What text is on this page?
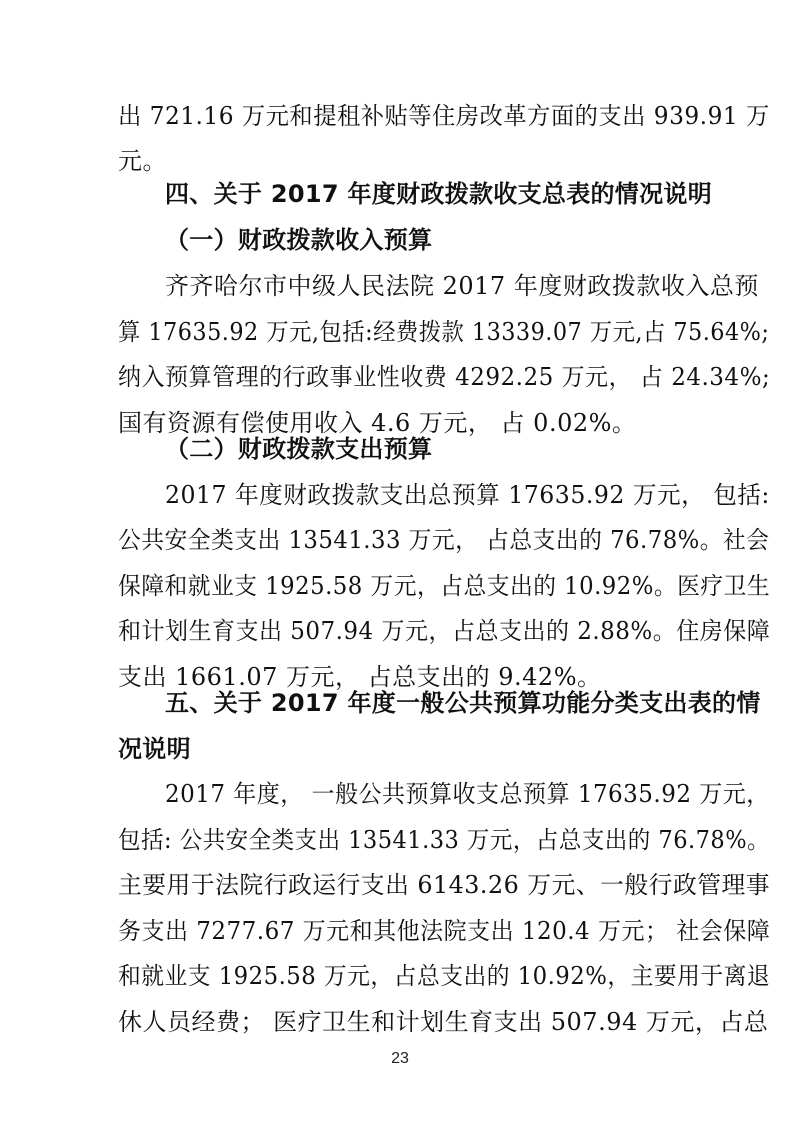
出 721.16 万元和提租补贴等住房改革方面的支出 939.91 万
元。
四、关于 2017 年度财政拨款收支总表的情况说明
（一）财政拨款收入预算
齐齐哈尔市中级人民法院 2017 年度财政拨款收入总预
算 17635.92 万元,包括:经费拨款 13339.07 万元,占 75.64%;
纳入预算管理的行政事业性收费 4292.25 万元， 占 24.34%;
国有资源有偿使用收入 4.6 万元， 占 0.02%。
（二）财政拨款支出预算
2017 年度财政拨款支出总预算 17635.92 万元， 包括:
公共安全类支出 13541.33 万元， 占总支出的 76.78%。社会
保障和就业支 1925.58 万元，占总支出的 10.92%。医疗卫生
和计划生育支出 507.94 万元，占总支出的 2.88%。住房保障
支出 1661.07 万元， 占总支出的 9.42%。
五、关于 2017 年度一般公共预算功能分类支出表的情
况说明
2017 年度， 一般公共预算收支总预算 17635.92 万元，
包括: 公共安全类支出 13541.33 万元，占总支出的 76.78%。
主要用于法院行政运行支出 6143.26 万元、一般行政管理事
务支出 7277.67 万元和其他法院支出 120.4 万元； 社会保障
和就业支 1925.58 万元，占总支出的 10.92%，主要用于离退
休人员经费； 医疗卫生和计划生育支出 507.94 万元，占总
23
